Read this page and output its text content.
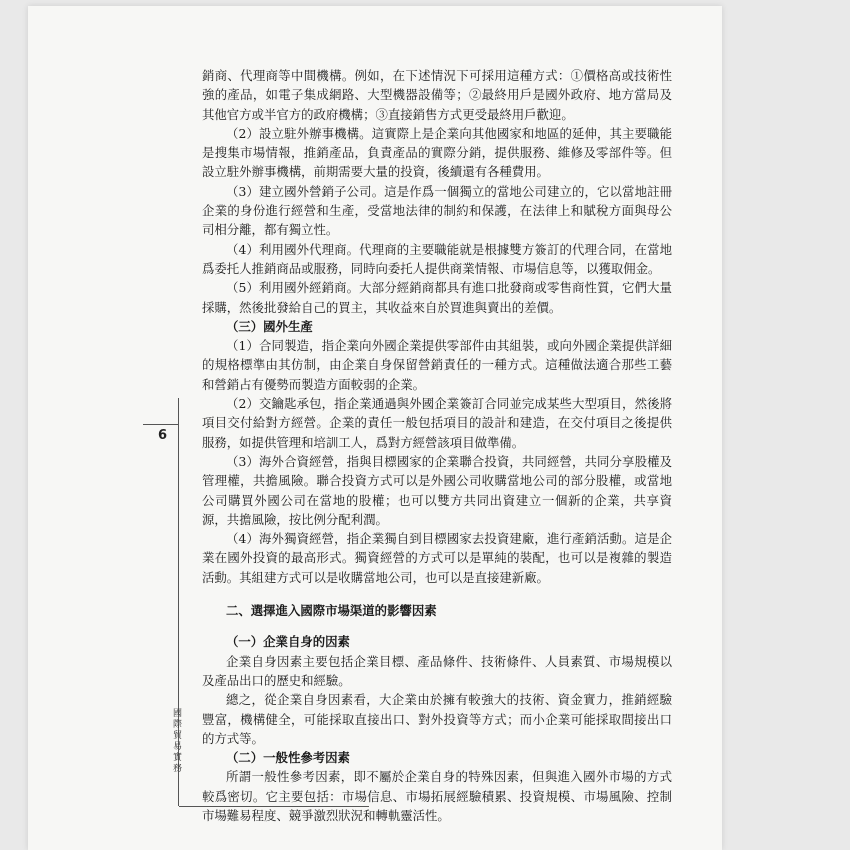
6
國際貿易實務

銷商、代理商等中間機構。例如，在下述情況下可採用這種方式：①價格高或技術性強的產品，如電子集成網路、大型機器設備等；②最終用戶是國外政府、地方當局及其他官方或半官方的政府機構；③直接銷售方式更受最終用戶歡迎。

（2）設立駐外辦事機構。這實際上是企業向其他國家和地區的延伸，其主要職能是搜集市場情報，推銷產品，負責產品的實際分銷，提供服務、維修及零部件等。但設立駐外辦事機構，前期需要大量的投資，後續還有各種費用。

（3）建立國外營銷子公司。這是作爲一個獨立的當地公司建立的，它以當地註冊企業的身份進行經營和生產，受當地法律的制約和保護，在法律上和賦稅方面與母公司相分離，都有獨立性。

（4）利用國外代理商。代理商的主要職能就是根據雙方簽訂的代理合同，在當地爲委托人推銷商品或服務，同時向委托人提供商業情報、市場信息等，以獲取佣金。

（5）利用國外經銷商。大部分經銷商都具有進口批發商或零售商性質，它們大量採購，然後批發給自己的買主，其收益來自於買進與賣出的差價。

（三）國外生產

（1）合同製造，指企業向外國企業提供零部件由其組裝，或向外國企業提供詳細的規格標準由其仿制，由企業自身保留營銷責任的一種方式。這種做法適合那些工藝和營銷占有優勢而製造方面較弱的企業。

（2）交鑰匙承包，指企業通過與外國企業簽訂合同並完成某些大型項目，然後將項目交付給對方經營。企業的責任一般包括項目的設計和建造，在交付項目之後提供服務，如提供管理和培訓工人，爲對方經營該項目做準備。

（3）海外合資經營，指與目標國家的企業聯合投資，共同經營，共同分享股權及管理權，共擔風險。聯合投資方式可以是外國公司收購當地公司的部分股權，或當地公司購買外國公司在當地的股權；也可以雙方共同出資建立一個新的企業，共享資源，共擔風險，按比例分配利潤。

（4）海外獨資經營，指企業獨自到目標國家去投資建廠，進行產銷活動。這是企業在國外投資的最高形式。獨資經營的方式可以是單純的裝配，也可以是複雜的製造活動。其組建方式可以是收購當地公司，也可以是直接建新廠。

二、選擇進入國際市場渠道的影響因素

（一）企業自身的因素

企業自身因素主要包括企業目標、產品條件、技術條件、人員素質、市場規模以及產品出口的歷史和經驗。

總之，從企業自身因素看，大企業由於擁有較強大的技術、資金實力，推銷經驗豐富，機構健全，可能採取直接出口、對外投資等方式；而小企業可能採取間接出口的方式等。

（二）一般性參考因素

所謂一般性參考因素，即不屬於企業自身的特殊因素，但與進入國外市場的方式較爲密切。它主要包括：市場信息、市場拓展經驗積累、投資規模、市場風險、控制市場難易程度、競爭激烈狀況和轉軌靈活性。
